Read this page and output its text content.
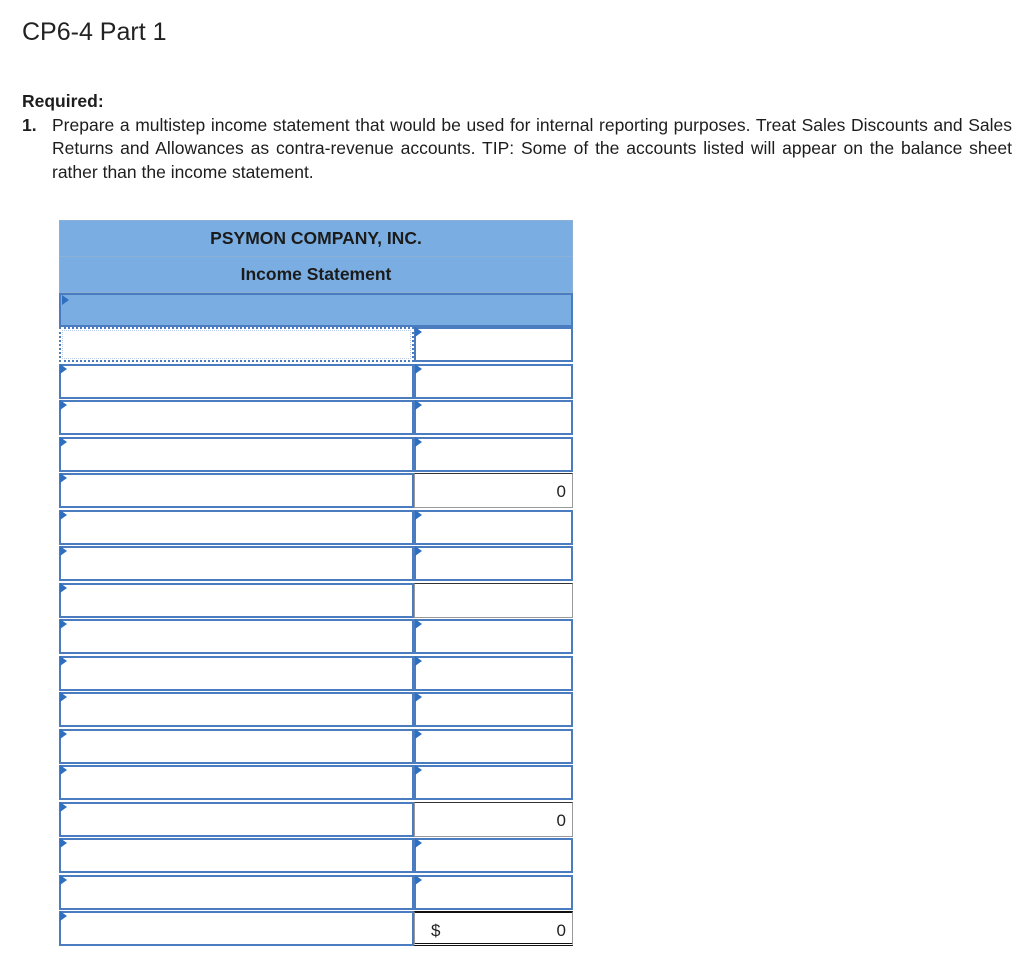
CP6-4 Part 1
Required:
1. Prepare a multistep income statement that would be used for internal reporting purposes. Treat Sales Discounts and Sales Returns and Allowances as contra-revenue accounts. TIP: Some of the accounts listed will appear on the balance sheet rather than the income statement.
PSYMON COMPANY, INC.
Income Statement
0
0
$	0
